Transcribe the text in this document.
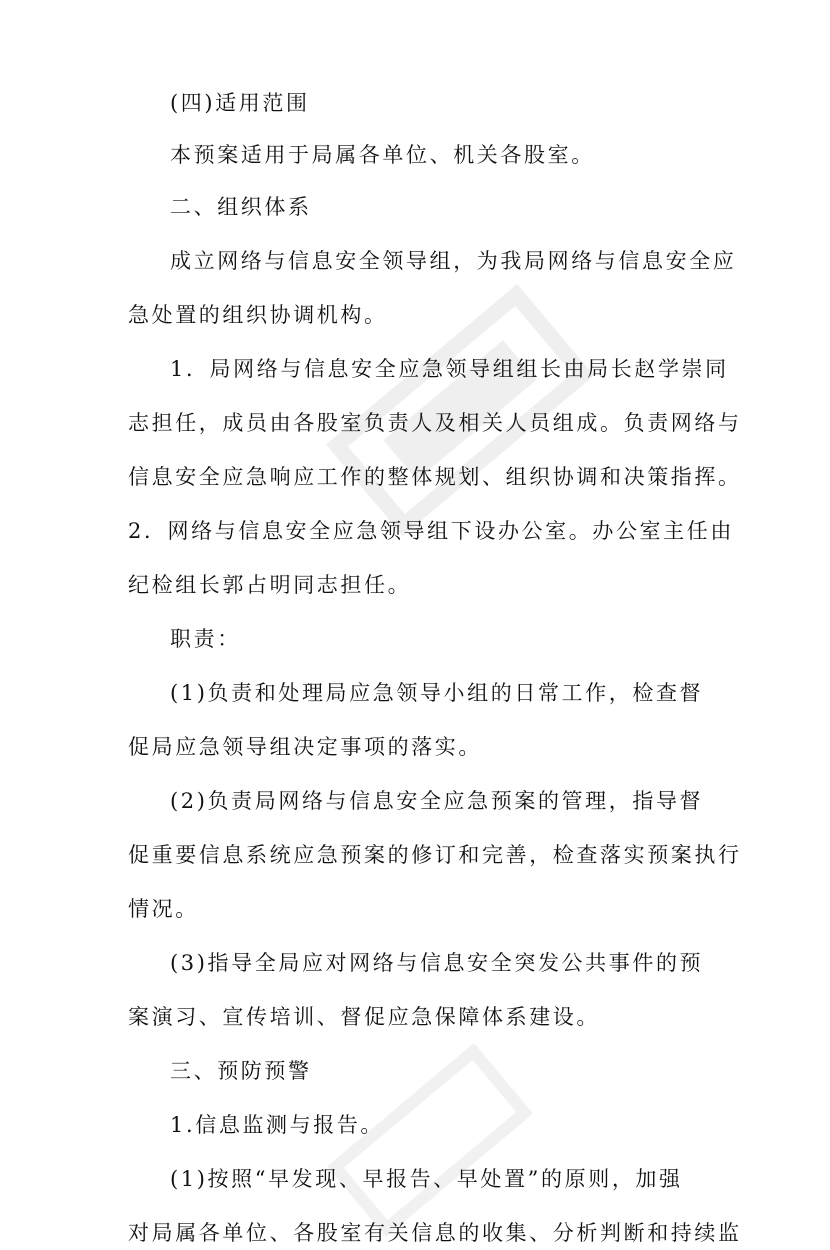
(四)适用范围
本预案适用于局属各单位、机关各股室。
二、组织体系
成立网络与信息安全领导组，为我局网络与信息安全应
急处置的组织协调机构。
1．局网络与信息安全应急领导组组长由局长赵学崇同
志担任，成员由各股室负责人及相关人员组成。负责网络与
信息安全应急响应工作的整体规划、组织协调和决策指挥。
2．网络与信息安全应急领导组下设办公室。办公室主任由
纪检组长郭占明同志担任。
职责：
(1)负责和处理局应急领导小组的日常工作，检查督
促局应急领导组决定事项的落实。
(2)负责局网络与信息安全应急预案的管理，指导督
促重要信息系统应急预案的修订和完善，检查落实预案执行
情况。
(3)指导全局应对网络与信息安全突发公共事件的预
案演习、宣传培训、督促应急保障体系建设。
三、预防预警
1.信息监测与报告。
(1)按照“早发现、早报告、早处置”的原则，加强
对局属各单位、各股室有关信息的收集、分析判断和持续监
